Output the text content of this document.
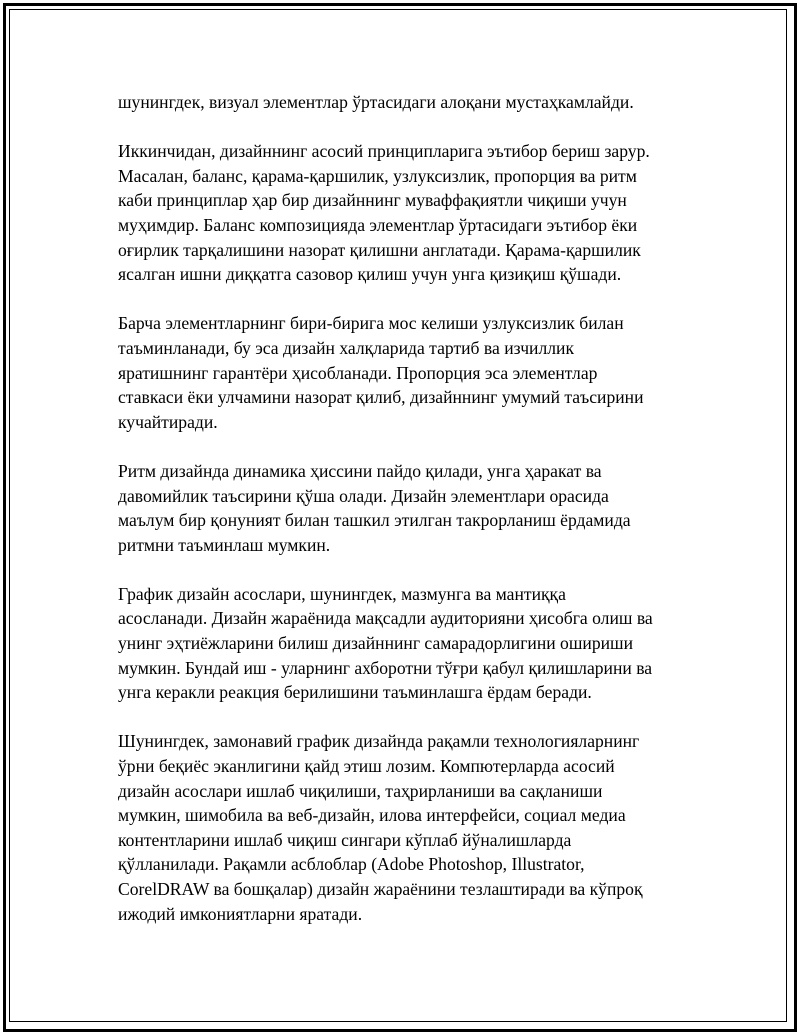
шунингдек, визуал элементлар ўртасидаги алоқани мустаҳкамлайди.

Иккинчидан, дизайннинг асосий принципларига эътибор бериш зарур.
Масалан, баланс, қарама-қаршилик, узлуксизлик, пропорция ва ритм
каби принциплар ҳар бир дизайннинг муваффақиятли чиқиши учун
муҳимдир. Баланс композицияда элементлар ўртасидаги эътибор ёки
оғирлик тарқалишини назорат қилишни англатади. Қарама-қаршилик
ясалган ишни диққатга сазовор қилиш учун унга қизиқиш қўшади.

Барча элементларнинг бири-бирига мос келиши узлуксизлик билан
таъминланади, бу эса дизайн халқларида тартиб ва изчиллик
яратишнинг гарантёри ҳисобланади. Пропорция эса элементлар
ставкаси ёки улчамини назорат қилиб, дизайннинг умумий таъсирини
кучайтиради.

Ритм дизайнда динамика ҳиссини пайдо қилади, унга ҳаракат ва
давомийлик таъсирини қўша олади. Дизайн элементлари орасида
маълум бир қонуният билан ташкил этилган такрорланиш ёрдамида
ритмни таъминлаш мумкин.

График дизайн асослари, шунингдек, мазмунга ва мантиққа
асосланади. Дизайн жараёнида мақсадли аудиторияни ҳисобга олиш ва
унинг эҳтиёжларини билиш дизайннинг самарадорлигини ошириши
мумкин. Бундай иш - уларнинг ахборотни тўғри қабул қилишларини ва
унга керакли реакция берилишини таъминлашга ёрдам беради.

Шунингдек, замонавий график дизайнда рақамли технологияларнинг
ўрни беқиёс эканлигини қайд этиш лозим. Компютерларда асосий
дизайн асослари ишлаб чиқилиши, таҳрирланиши ва сақланиши
мумкин, шимобила ва веб-дизайн, илова интерфейси, социал медиа
контентларини ишлаб чиқиш сингари кўплаб йўналишларда
қўлланилади. Рақамли асблоблар (Adobe Photoshop, Illustrator,
CorelDRAW ва бошқалар) дизайн жараёнини тезлаштиради ва кўпроқ
ижодий имкониятларни яратади.
